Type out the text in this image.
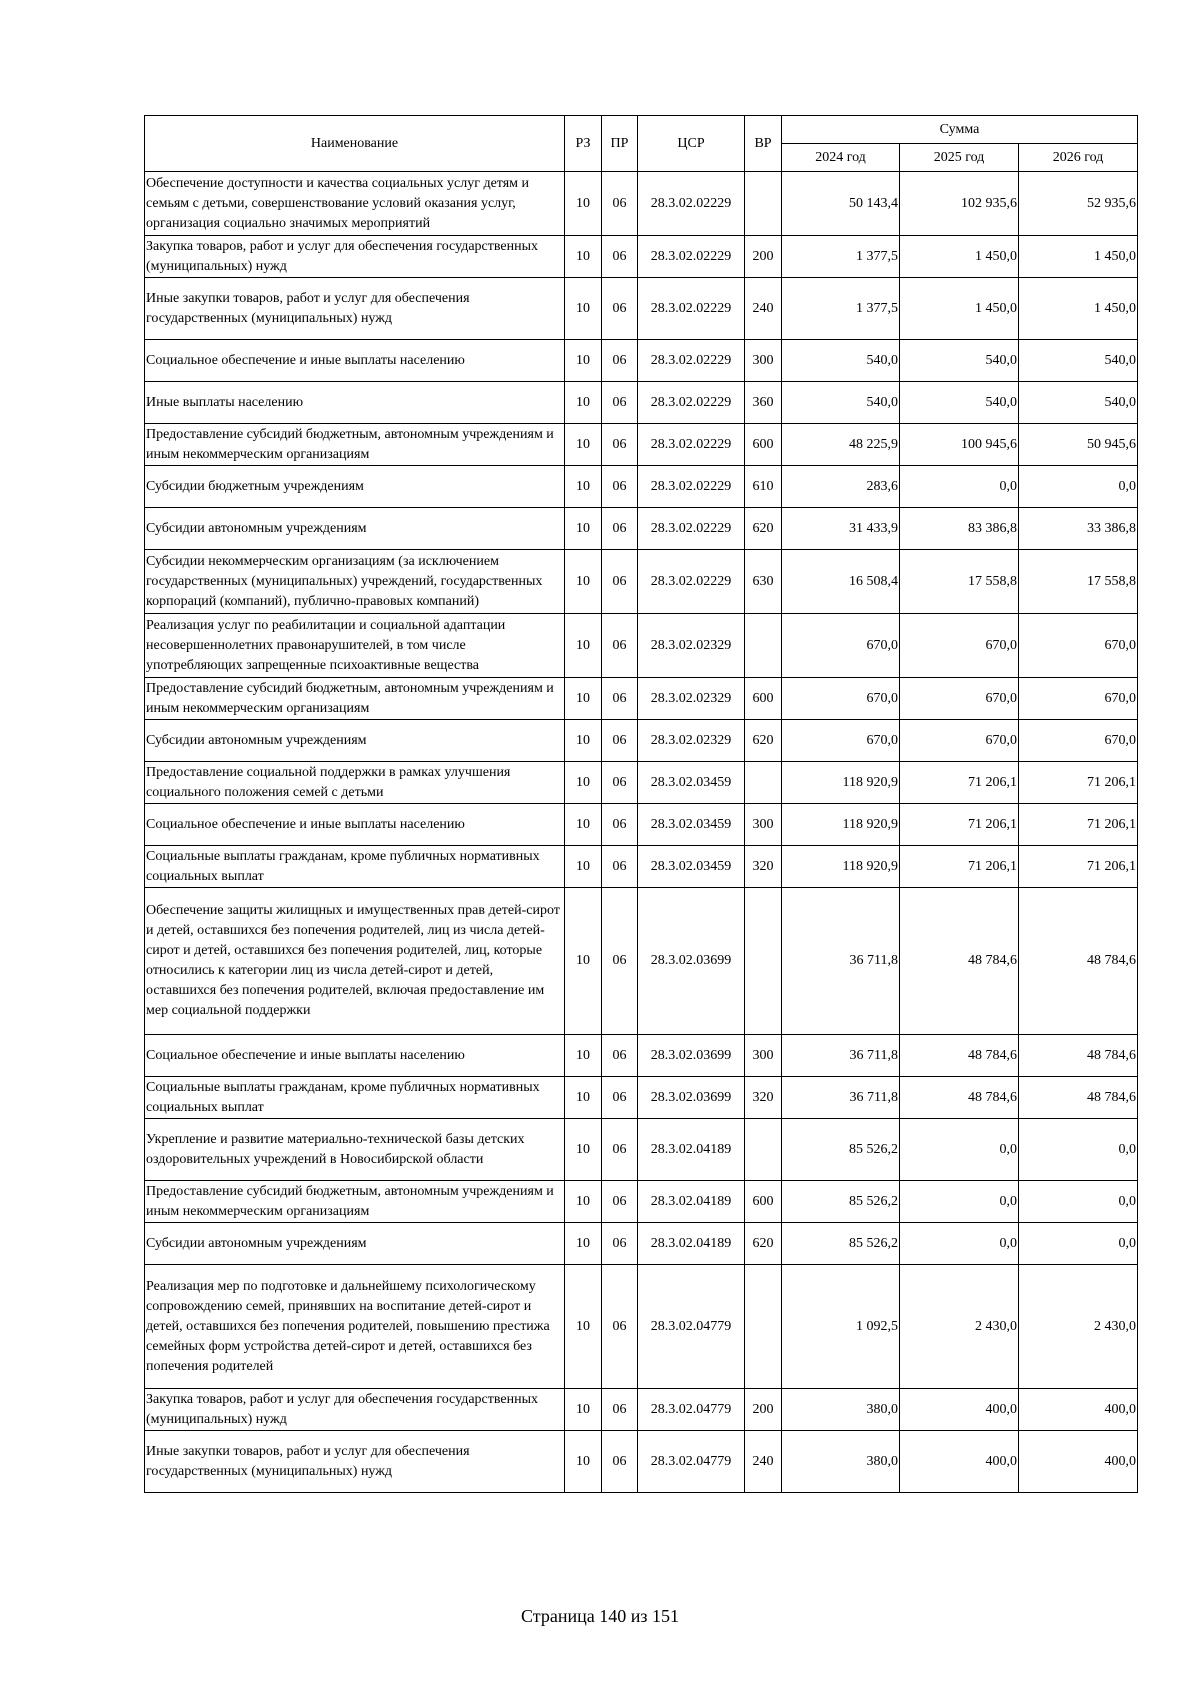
Наименование	РЗ	ПР	ЦСР	ВР	Сумма		
					2024 год	2025 год	2026 год
Обеспечение доступности и качества социальных услуг детям и семьям с детьми, совершенствование условий оказания услуг, организация социально значимых мероприятий	10	06	28.3.02.02229		50 143,4	102 935,6	52 935,6
Закупка товаров, работ и услуг для обеспечения государственных (муниципальных) нужд	10	06	28.3.02.02229	200	1 377,5	1 450,0	1 450,0
Иные закупки товаров, работ и услуг для обеспечения государственных (муниципальных) нужд	10	06	28.3.02.02229	240	1 377,5	1 450,0	1 450,0
Социальное обеспечение и иные выплаты населению	10	06	28.3.02.02229	300	540,0	540,0	540,0
Иные выплаты населению	10	06	28.3.02.02229	360	540,0	540,0	540,0
Предоставление субсидий бюджетным, автономным учреждениям и иным некоммерческим организациям	10	06	28.3.02.02229	600	48 225,9	100 945,6	50 945,6
Субсидии бюджетным учреждениям	10	06	28.3.02.02229	610	283,6	0,0	0,0
Субсидии автономным учреждениям	10	06	28.3.02.02229	620	31 433,9	83 386,8	33 386,8
Субсидии некоммерческим организациям (за исключением государственных (муниципальных) учреждений, государственных корпораций (компаний), публично-правовых компаний)	10	06	28.3.02.02229	630	16 508,4	17 558,8	17 558,8
Реализация услуг по реабилитации и социальной адаптации несовершеннолетних правонарушителей, в том числе употребляющих запрещенные психоактивные вещества	10	06	28.3.02.02329		670,0	670,0	670,0
Предоставление субсидий бюджетным, автономным учреждениям и иным некоммерческим организациям	10	06	28.3.02.02329	600	670,0	670,0	670,0
Субсидии автономным учреждениям	10	06	28.3.02.02329	620	670,0	670,0	670,0
Предоставление социальной поддержки в рамках улучшения социального положения семей с детьми	10	06	28.3.02.03459		118 920,9	71 206,1	71 206,1
Социальное обеспечение и иные выплаты населению	10	06	28.3.02.03459	300	118 920,9	71 206,1	71 206,1
Социальные выплаты гражданам, кроме публичных нормативных социальных выплат	10	06	28.3.02.03459	320	118 920,9	71 206,1	71 206,1
Обеспечение защиты жилищных и имущественных прав детей-сирот и детей, оставшихся без попечения родителей, лиц из числа детей-сирот и детей, оставшихся без попечения родителей, лиц, которые относились к категории лиц из числа детей-сирот и детей, оставшихся без попечения родителей, включая предоставление им мер социальной поддержки	10	06	28.3.02.03699		36 711,8	48 784,6	48 784,6
Социальное обеспечение и иные выплаты населению	10	06	28.3.02.03699	300	36 711,8	48 784,6	48 784,6
Социальные выплаты гражданам, кроме публичных нормативных социальных выплат	10	06	28.3.02.03699	320	36 711,8	48 784,6	48 784,6
Укрепление и развитие материально-технической базы детских оздоровительных учреждений в Новосибирской области	10	06	28.3.02.04189		85 526,2	0,0	0,0
Предоставление субсидий бюджетным, автономным учреждениям и иным некоммерческим организациям	10	06	28.3.02.04189	600	85 526,2	0,0	0,0
Субсидии автономным учреждениям	10	06	28.3.02.04189	620	85 526,2	0,0	0,0
Реализация мер по подготовке и дальнейшему психологическому сопровождению семей, принявших на воспитание детей-сирот и детей, оставшихся без попечения родителей, повышению престижа семейных форм устройства детей-сирот и детей, оставшихся без попечения родителей	10	06	28.3.02.04779		1 092,5	2 430,0	2 430,0
Закупка товаров, работ и услуг для обеспечения государственных (муниципальных) нужд	10	06	28.3.02.04779	200	380,0	400,0	400,0
Иные закупки товаров, работ и услуг для обеспечения государственных (муниципальных) нужд	10	06	28.3.02.04779	240	380,0	400,0	400,0
Страница 140 из 151
